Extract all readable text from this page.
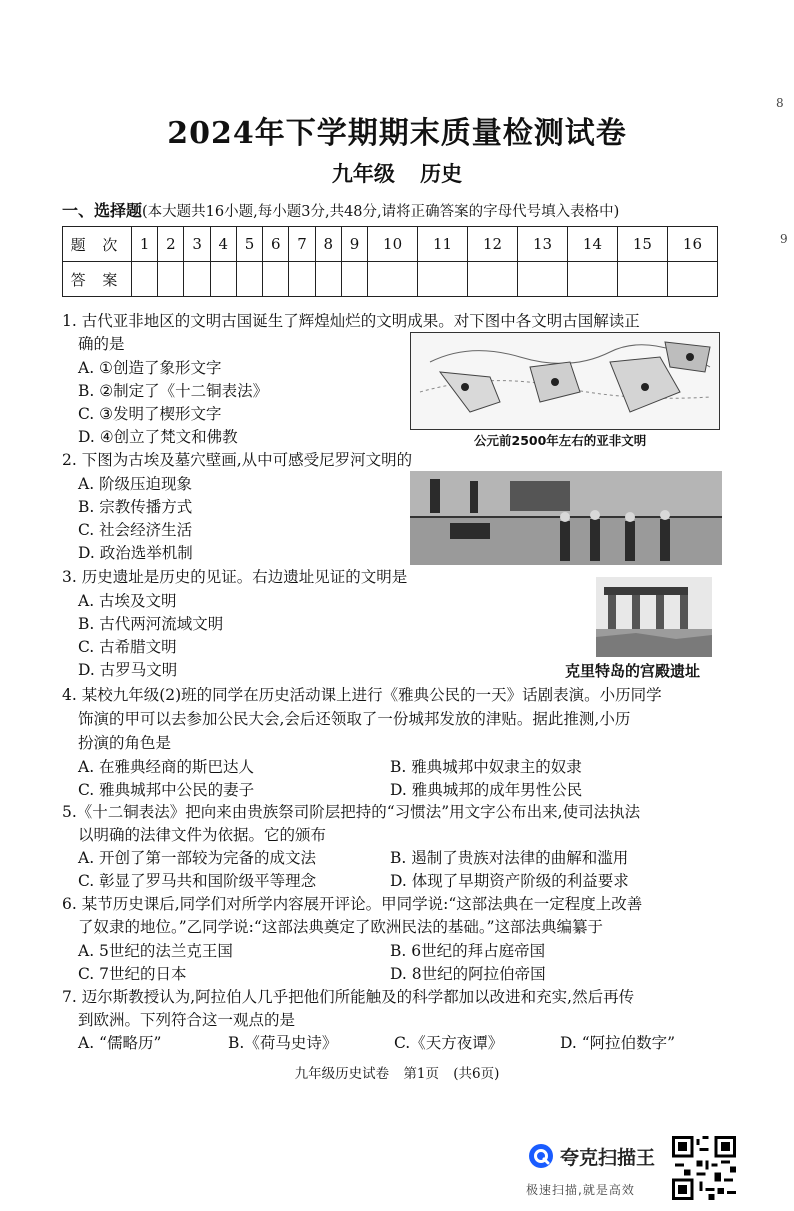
8
9
2024年下学期期末质量检测试卷
九年级 历史
一、选择题(本大题共16小题,每小题3分,共48分,请将正确答案的字母代号填入表格中)
题 次	1	2	3	4	5	6	7	8	9	10	11	12	13	14	15	16
答 案																
1. 古代亚非地区的文明古国诞生了辉煌灿烂的文明成果。对下图中各文明古国解读正
确的是
A. ①创造了象形文字
B. ②制定了《十二铜表法》
C. ③发明了楔形文字
D. ④创立了梵文和佛教	公元前2500年左右的亚非文明
2. 下图为古埃及墓穴壁画,从中可感受尼罗河文明的
A. 阶级压迫现象
B. 宗教传播方式
C. 社会经济生活
D. 政治选举机制
3. 历史遗址是历史的见证。右边遗址见证的文明是
A. 古埃及文明
B. 古代两河流域文明
C. 古希腊文明
D. 古罗马文明	克里特岛的宫殿遗址
4. 某校九年级(2)班的同学在历史活动课上进行《雅典公民的一天》话剧表演。小历同学
饰演的甲可以去参加公民大会,会后还领取了一份城邦发放的津贴。据此推测,小历
扮演的角色是
A. 在雅典经商的斯巴达人	B. 雅典城邦中奴隶主的奴隶
C. 雅典城邦中公民的妻子	D. 雅典城邦的成年男性公民
5.《十二铜表法》把向来由贵族祭司阶层把持的“习惯法”用文字公布出来,使司法执法
以明确的法律文件为依据。它的颁布
A. 开创了第一部较为完备的成文法	B. 遏制了贵族对法律的曲解和滥用
C. 彰显了罗马共和国阶级平等理念	D. 体现了早期资产阶级的利益要求
6. 某节历史课后,同学们对所学内容展开评论。甲同学说:“这部法典在一定程度上改善
了奴隶的地位。”乙同学说:“这部法典奠定了欧洲民法的基础。”这部法典编纂于
A. 5世纪的法兰克王国	B. 6世纪的拜占庭帝国
C. 7世纪的日本	D. 8世纪的阿拉伯帝国
7. 迈尔斯教授认为,阿拉伯人几乎把他们所能触及的科学都加以改进和充实,然后再传
到欧洲。下列符合这一观点的是
A. “儒略历”	B.《荷马史诗》	C.《天方夜谭》	D. “阿拉伯数字”
九年级历史试卷 第1页 (共6页)
夸克扫描王
极速扫描,就是高效
